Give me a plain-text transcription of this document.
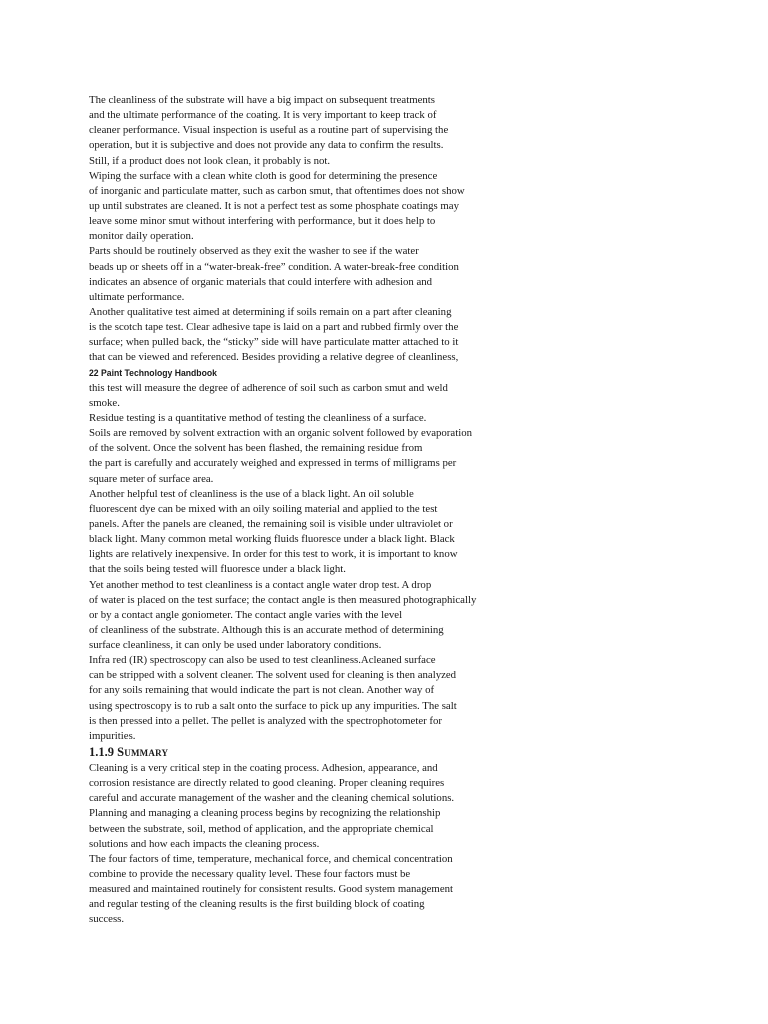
The cleanliness of the substrate will have a big impact on subsequent treatments
and the ultimate performance of the coating. It is very important to keep track of
cleaner performance. Visual inspection is useful as a routine part of supervising the
operation, but it is subjective and does not provide any data to confirm the results.
Still, if a product does not look clean, it probably is not.
Wiping the surface with a clean white cloth is good for determining the presence
of inorganic and particulate matter, such as carbon smut, that oftentimes does not show
up until substrates are cleaned. It is not a perfect test as some phosphate coatings may
leave some minor smut without interfering with performance, but it does help to
monitor daily operation.
Parts should be routinely observed as they exit the washer to see if the water
beads up or sheets off in a “water-break-free” condition. A water-break-free condition
indicates an absence of organic materials that could interfere with adhesion and
ultimate performance.
Another qualitative test aimed at determining if soils remain on a part after cleaning
is the scotch tape test. Clear adhesive tape is laid on a part and rubbed firmly over the
surface; when pulled back, the “sticky” side will have particulate matter attached to it
that can be viewed and referenced. Besides providing a relative degree of cleanliness,
22 Paint Technology Handbook
this test will measure the degree of adherence of soil such as carbon smut and weld
smoke.
Residue testing is a quantitative method of testing the cleanliness of a surface.
Soils are removed by solvent extraction with an organic solvent followed by evaporation
of the solvent. Once the solvent has been flashed, the remaining residue from
the part is carefully and accurately weighed and expressed in terms of milligrams per
square meter of surface area.
Another helpful test of cleanliness is the use of a black light. An oil soluble
fluorescent dye can be mixed with an oily soiling material and applied to the test
panels. After the panels are cleaned, the remaining soil is visible under ultraviolet or
black light. Many common metal working fluids fluoresce under a black light. Black
lights are relatively inexpensive. In order for this test to work, it is important to know
that the soils being tested will fluoresce under a black light.
Yet another method to test cleanliness is a contact angle water drop test. A drop
of water is placed on the test surface; the contact angle is then measured photographically
or by a contact angle goniometer. The contact angle varies with the level
of cleanliness of the substrate. Although this is an accurate method of determining
surface cleanliness, it can only be used under laboratory conditions.
Infra red (IR) spectroscopy can also be used to test cleanliness.Acleaned surface
can be stripped with a solvent cleaner. The solvent used for cleaning is then analyzed
for any soils remaining that would indicate the part is not clean. Another way of
using spectroscopy is to rub a salt onto the surface to pick up any impurities. The salt
is then pressed into a pellet. The pellet is analyzed with the spectrophotometer for
impurities.
1.1.9 Summary
Cleaning is a very critical step in the coating process. Adhesion, appearance, and
corrosion resistance are directly related to good cleaning. Proper cleaning requires
careful and accurate management of the washer and the cleaning chemical solutions.
Planning and managing a cleaning process begins by recognizing the relationship
between the substrate, soil, method of application, and the appropriate chemical
solutions and how each impacts the cleaning process.
The four factors of time, temperature, mechanical force, and chemical concentration
combine to provide the necessary quality level. These four factors must be
measured and maintained routinely for consistent results. Good system management
and regular testing of the cleaning results is the first building block of coating
success.
